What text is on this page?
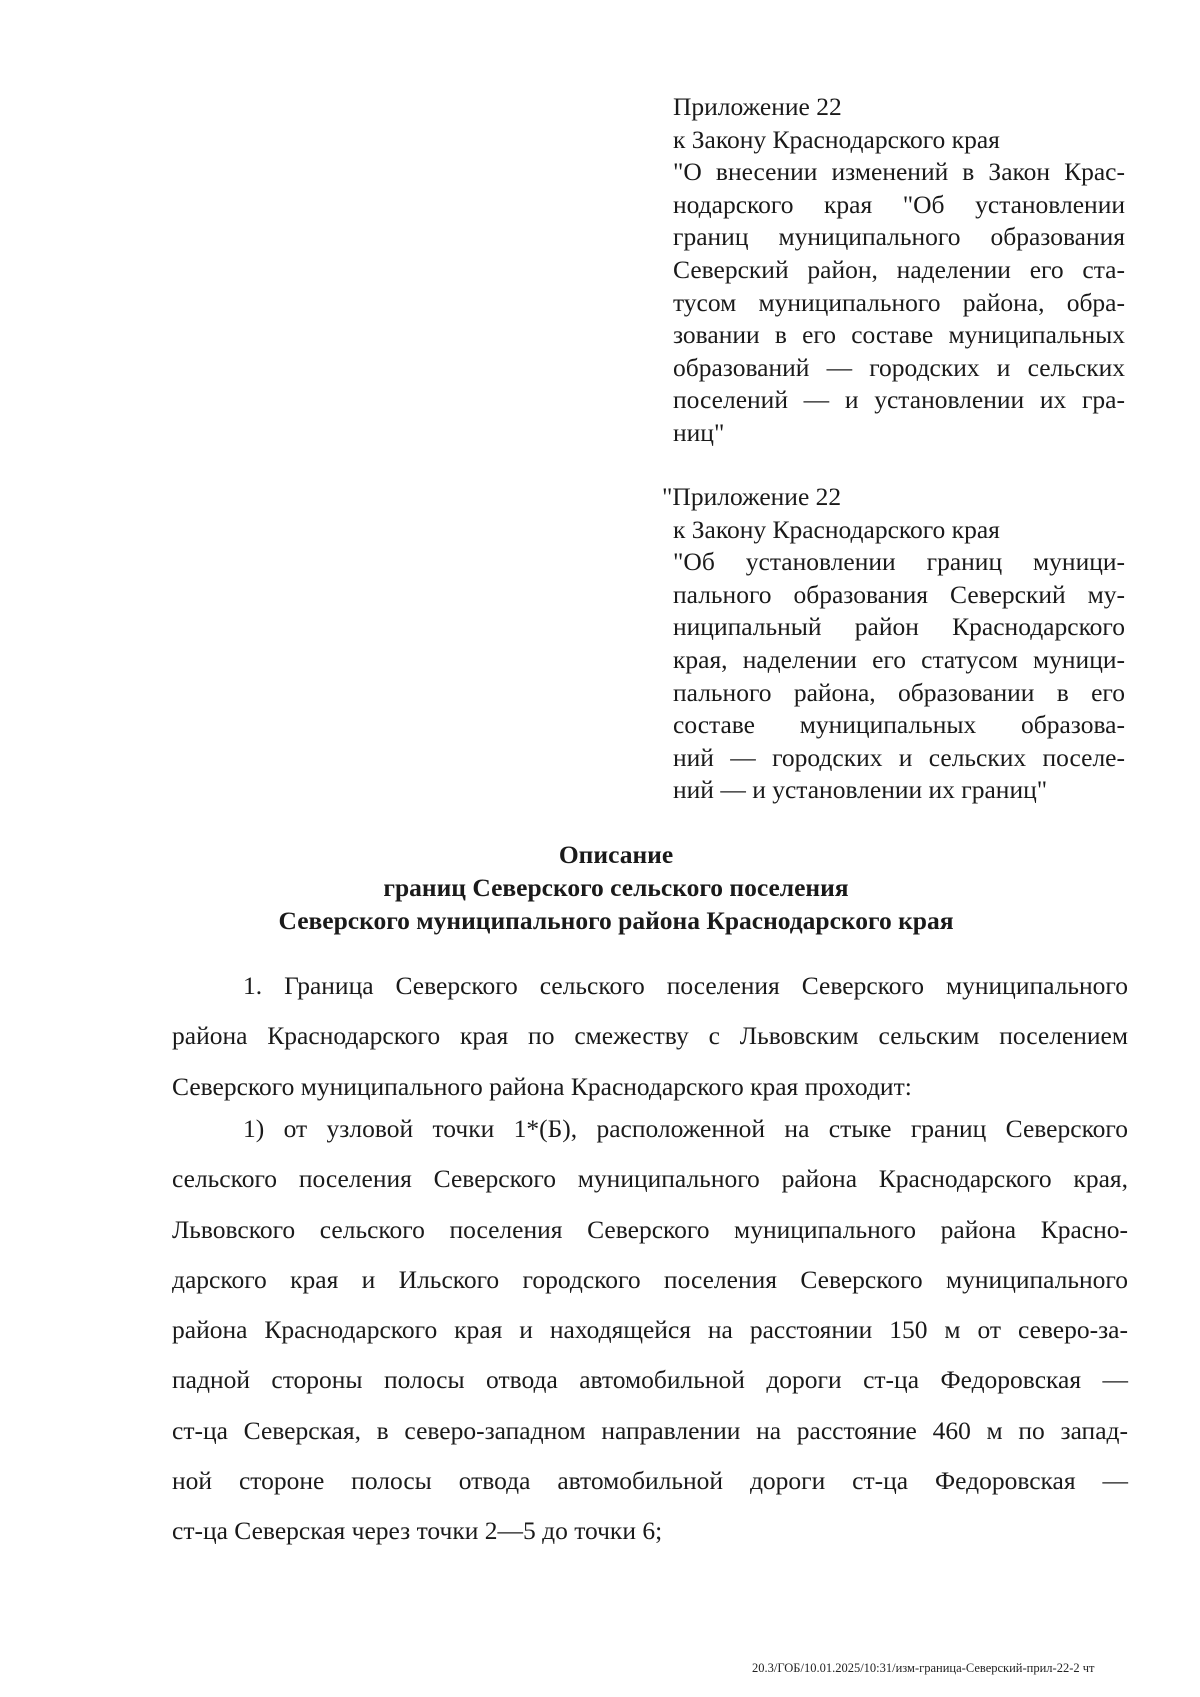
Приложение 22
к Закону Краснодарского края
"О внесении изменений в Закон Крас-
нодарского края "Об установлении
границ муниципального образования
Северский район, наделении его ста-
тусом муниципального района, обра-
зовании в его составе муниципальных
образований — городских и сельских
поселений — и установлении их гра-
ниц"
"Приложение 22
к Закону Краснодарского края
"Об установлении границ муници-
пального образования Северский му-
ниципальный район Краснодарского
края, наделении его статусом муници-
пального района, образовании в его
составе муниципальных образова-
ний — городских и сельских поселе-
ний — и установлении их границ"
Описание
границ Северского сельского поселения
Северского муниципального района Краснодарского края
1. Граница Северского сельского поселения Северского муниципального
района Краснодарского края по смежеству с Львовским сельским поселением
Северского муниципального района Краснодарского края проходит:
1) от узловой точки 1*(Б), расположенной на стыке границ Северского
сельского поселения Северского муниципального района Краснодарского края,
Львовского сельского поселения Северского муниципального района Красно-
дарского края и Ильского городского поселения Северского муниципального
района Краснодарского края и находящейся на расстоянии 150 м от северо-за-
падной стороны полосы отвода автомобильной дороги ст-ца Федоровская —
ст-ца Северская, в северо-западном направлении на расстояние 460 м по запад-
ной стороне полосы отвода автомобильной дороги ст-ца Федоровская —
ст-ца Северская через точки 2—5 до точки 6;
20.3/ГОБ/10.01.2025/10:31/изм-граница-Северский-прил-22-2 чт
